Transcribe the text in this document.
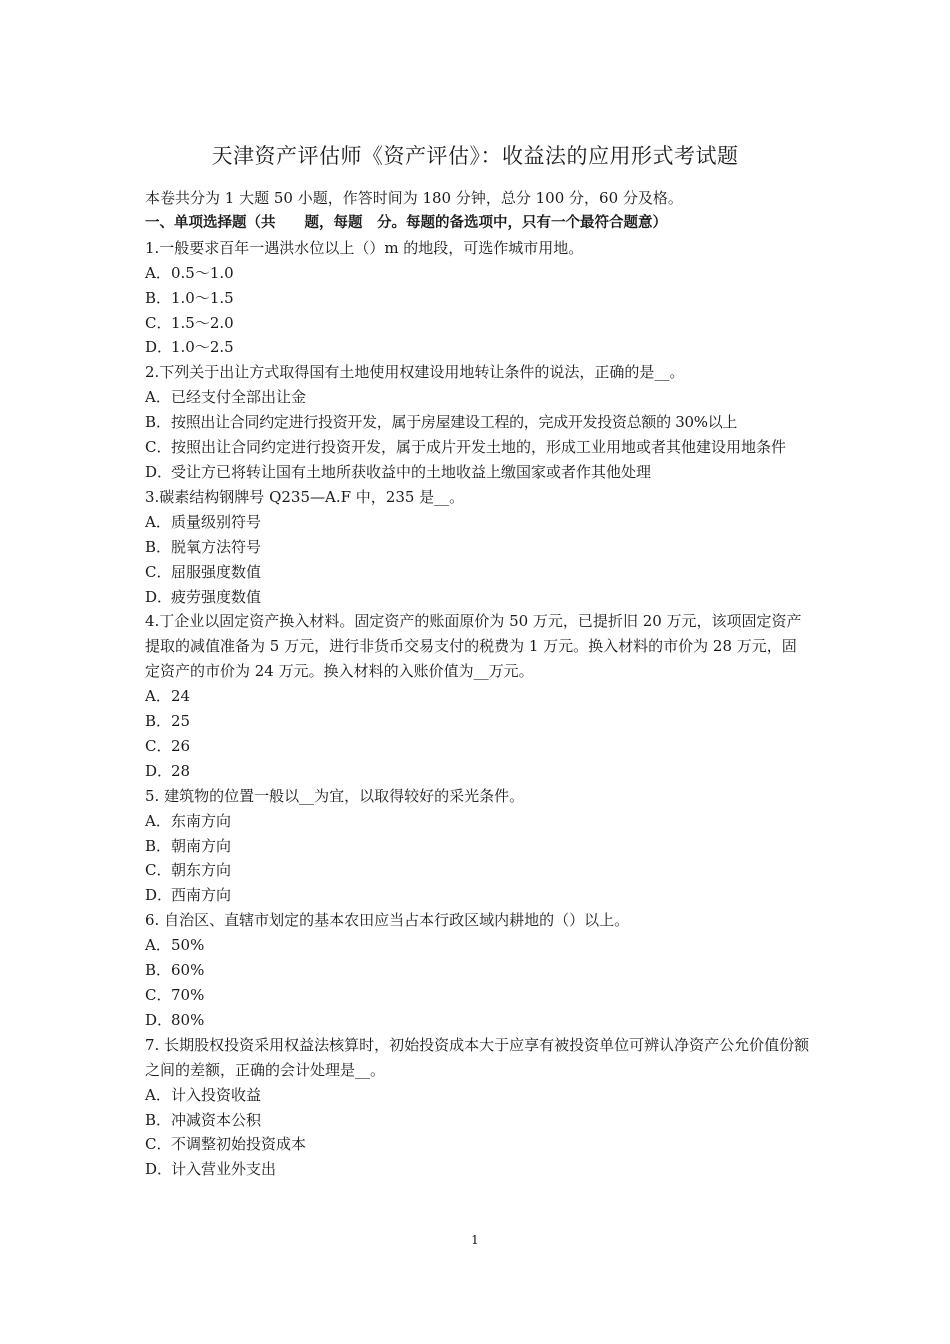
天津资产评估师《资产评估》：收益法的应用形式考试题
本卷共分为 1 大题 50 小题，作答时间为 180 分钟，总分 100 分，60 分及格。
一、单项选择题（共　　题，每题　分。每题的备选项中，只有一个最符合题意）
1.一般要求百年一遇洪水位以上（）m 的地段，可选作城市用地。
A．0.5～1.0
B．1.0～1.5
C．1.5～2.0
D．1.0～2.5
2.下列关于出让方式取得国有土地使用权建设用地转让条件的说法，正确的是__。
A．已经支付全部出让金
B．按照出让合同约定进行投资开发，属于房屋建设工程的，完成开发投资总额的 30%以上
C．按照出让合同约定进行投资开发，属于成片开发土地的，形成工业用地或者其他建设用地条件
D．受让方已将转让国有土地所获收益中的土地收益上缴国家或者作其他处理
3.碳素结构钢牌号 Q235—A.F 中，235 是__。
A．质量级别符号
B．脱氧方法符号
C．屈服强度数值
D．疲劳强度数值
4.丁企业以固定资产换入材料。固定资产的账面原价为 50 万元，已提折旧 20 万元，该项固定资产提取的减值准备为 5 万元，进行非货币交易支付的税费为 1 万元。换入材料的市价为 28 万元，固定资产的市价为 24 万元。换入材料的入账价值为__万元。
A．24
B．25
C．26
D．28
5. 建筑物的位置一般以__为宜，以取得较好的采光条件。
A．东南方向
B．朝南方向
C．朝东方向
D．西南方向
6. 自治区、直辖市划定的基本农田应当占本行政区域内耕地的（）以上。
A．50%
B．60%
C．70%
D．80%
7. 长期股权投资采用权益法核算时，初始投资成本大于应享有被投资单位可辨认净资产公允价值份额之间的差额，正确的会计处理是__。
A．计入投资收益
B．冲减资本公积
C．不调整初始投资成本
D．计入营业外支出
1
